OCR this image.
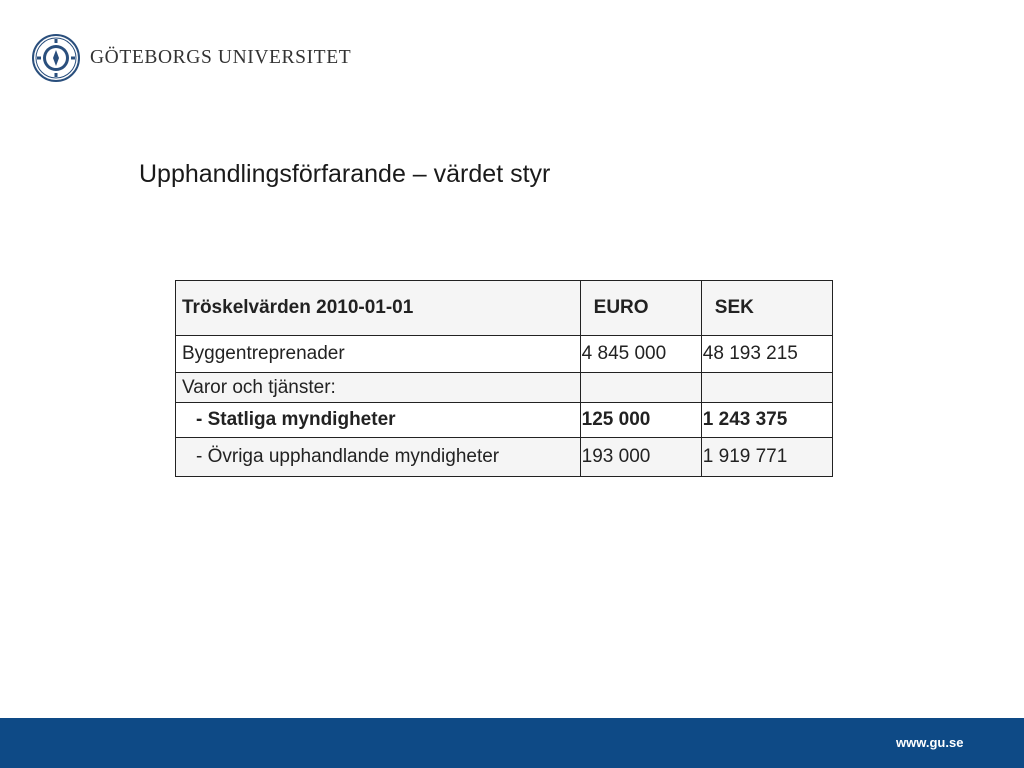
GÖTEBORGS UNIVERSITET
Upphandlingsförfarande – värdet styr
Tröskelvärden 2010-01-01	EURO	SEK
Byggentreprenader	4 845 000	48 193 215
Varor och tjänster:		
- Statliga myndigheter	125 000	1 243 375
- Övriga upphandlande myndigheter	193 000	1 919 771
www.gu.se
